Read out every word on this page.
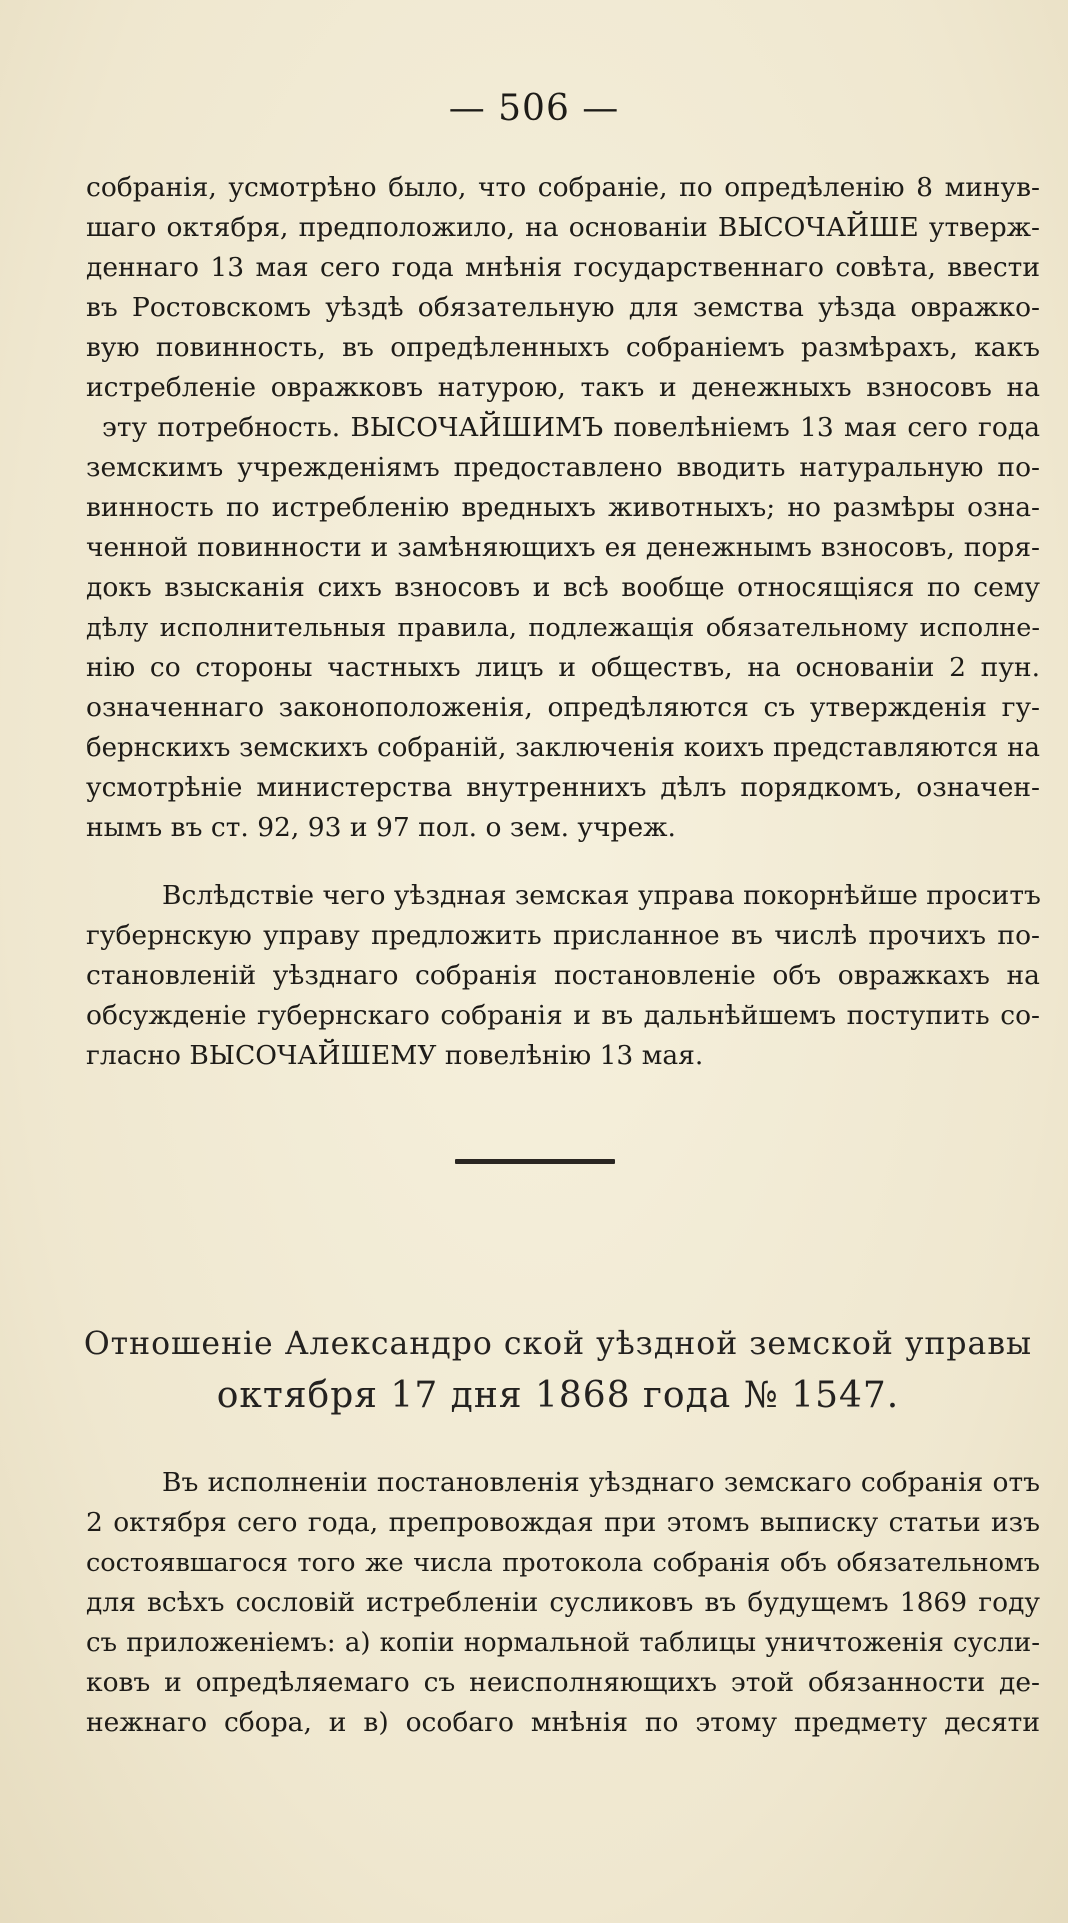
— 506 —
собранія, усмотрѣно было, что собраніе, по опредѣленію 8 минув-
шаго октября, предположило, на основаніи ВЫСОЧАЙШЕ утверж-
деннаго 13 мая сего года мнѣнія государственнаго совѣта, ввести
въ Ростовскомъ уѣздѣ обязательную для земства уѣзда овражко-
вую повинность, въ опредѣленныхъ собраніемъ размѣрахъ, какъ
истребленіе овражковъ натурою, такъ и денежныхъ взносовъ на
эту потребность. ВЫСОЧАЙШИМЪ повелѣніемъ 13 мая сего года
земскимъ учрежденіямъ предоставлено вводить натуральную по-
винность по истребленію вредныхъ животныхъ; но размѣры озна-
ченной повинности и замѣняющихъ ея денежнымъ взносовъ, поря-
докъ взысканія сихъ взносовъ и всѣ вообще относящіяся по сему
дѣлу исполнительныя правила, подлежащія обязательному исполне-
нію со стороны частныхъ лицъ и обществъ, на основаніи 2 пун.
означеннаго законоположенія, опредѣляются съ утвержденія гу-
бернскихъ земскихъ собраній, заключенія коихъ представляются на
усмотрѣніе министерства внутреннихъ дѣлъ порядкомъ, означен-
нымъ въ ст. 92, 93 и 97 пол. о зем. учреж.
Вслѣдствіе чего уѣздная земская управа покорнѣйше проситъ
губернскую управу предложить присланное въ числѣ прочихъ по-
становленій уѣзднаго собранія постановленіе объ овражкахъ на
обсужденіе губернскаго собранія и въ дальнѣйшемъ поступить со-
гласно ВЫСОЧАЙШЕМУ повелѣнію 13 мая.
Отношеніе Александро ской уѣздной земской управы
октября 17 дня 1868 года № 1547.
Въ исполненіи постановленія уѣзднаго земскаго собранія отъ
2 октября сего года, препровождая при этомъ выписку статьи изъ
состоявшагося того же числа протокола собранія объ обязательномъ
для всѣхъ сословій истребленіи сусликовъ въ будущемъ 1869 году
съ приложеніемъ: а) копіи нормальной таблицы уничтоженія сусли-
ковъ и опредѣляемаго съ неисполняющихъ этой обязанности де-
нежнаго сбора, и в) особаго мнѣнія по этому предмету десяти
